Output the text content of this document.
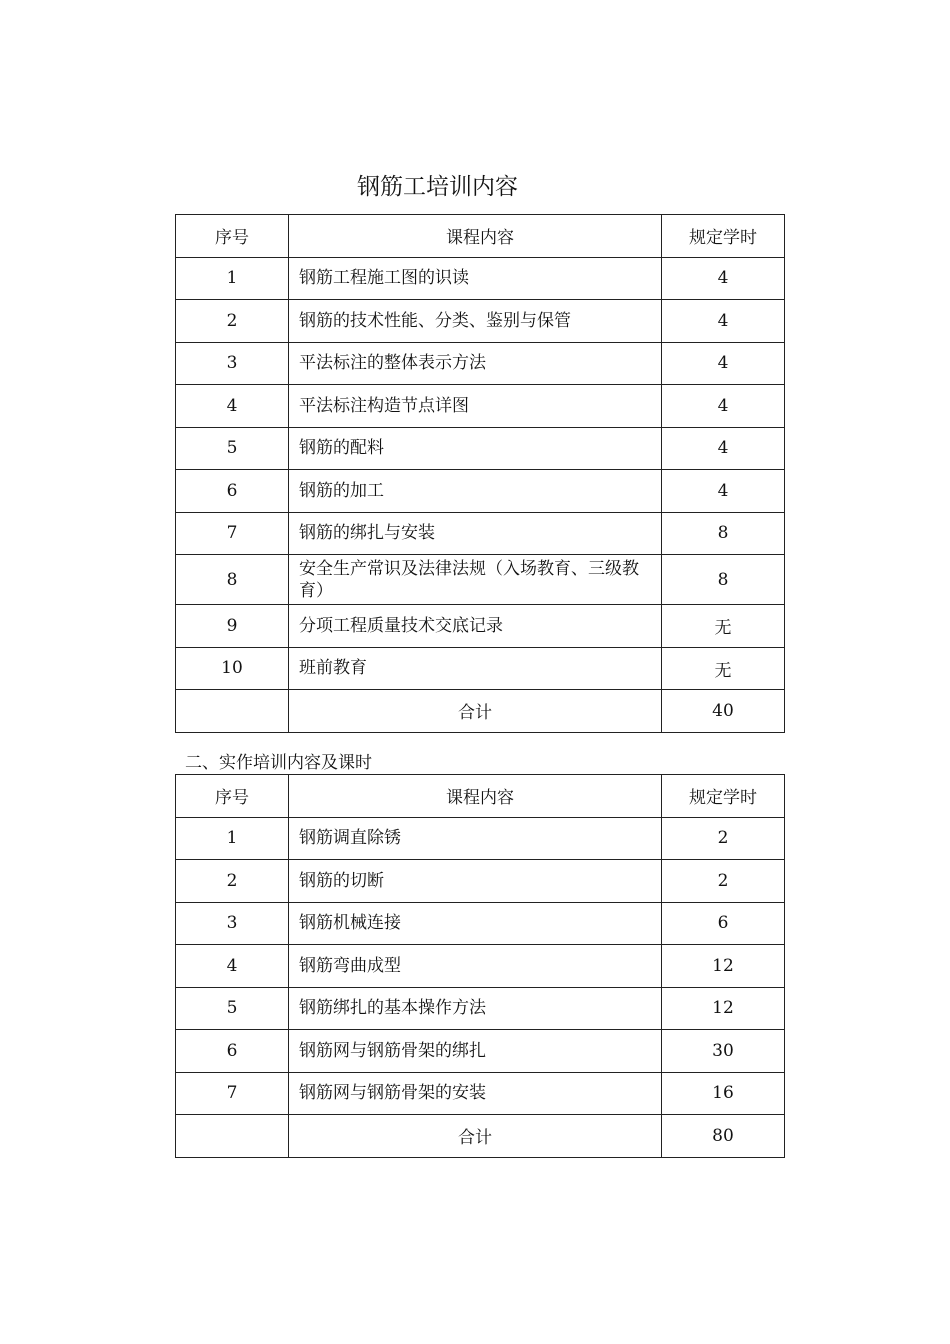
钢筋工培训内容
序号	课程内容	规定学时
1	钢筋工程施工图的识读	4
2	钢筋的技术性能、分类、鉴别与保管	4
3	平法标注的整体表示方法	4
4	平法标注构造节点详图	4
5	钢筋的配料	4
6	钢筋的加工	4
7	钢筋的绑扎与安装	8
8	安全生产常识及法律法规（入场教育、三级教育）	8
9	分项工程质量技术交底记录	无
10	班前教育	无
	合计	40
二、实作培训内容及课时
序号	课程内容	规定学时
1	钢筋调直除锈	2
2	钢筋的切断	2
3	钢筋机械连接	6
4	钢筋弯曲成型	12
5	钢筋绑扎的基本操作方法	12
6	钢筋网与钢筋骨架的绑扎	30
7	钢筋网与钢筋骨架的安装	16
	合计	80
